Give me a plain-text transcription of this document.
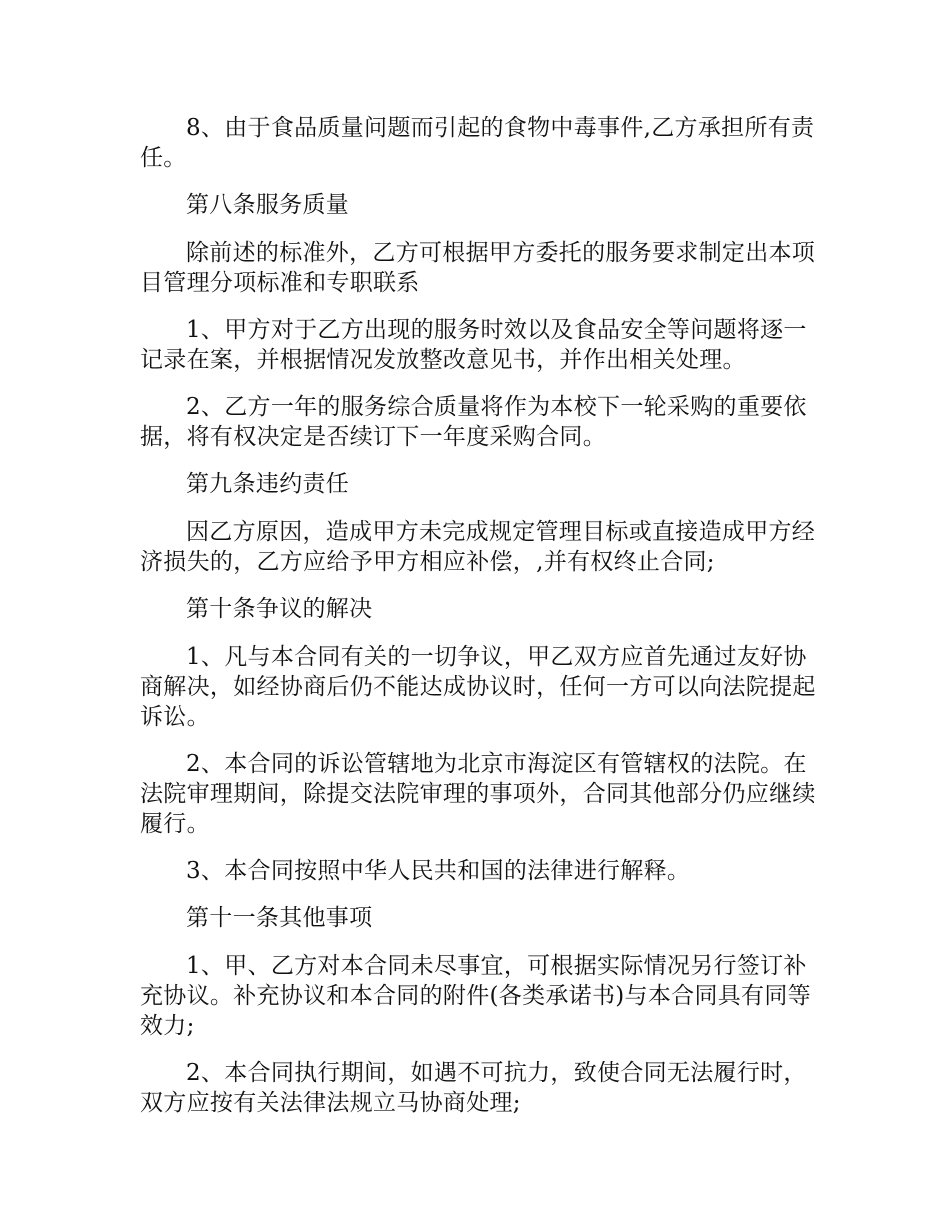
8、由于食品质量问题而引起的食物中毒事件,乙方承担所有责任。

第八条服务质量

除前述的标准外，乙方可根据甲方委托的服务要求制定出本项目管理分项标准和专职联系

1、甲方对于乙方出现的服务时效以及食品安全等问题将逐一记录在案，并根据情况发放整改意见书，并作出相关处理。

2、乙方一年的服务综合质量将作为本校下一轮采购的重要依据，将有权决定是否续订下一年度采购合同。

第九条违约责任

因乙方原因，造成甲方未完成规定管理目标或直接造成甲方经济损失的，乙方应给予甲方相应补偿，,并有权终止合同;

第十条争议的解决

1、凡与本合同有关的一切争议，甲乙双方应首先通过友好协商解决，如经协商后仍不能达成协议时，任何一方可以向法院提起诉讼。

2、本合同的诉讼管辖地为北京市海淀区有管辖权的法院。在法院审理期间，除提交法院审理的事项外，合同其他部分仍应继续履行。

3、本合同按照中华人民共和国的法律进行解释。

第十一条其他事项

1、甲、乙方对本合同未尽事宜，可根据实际情况另行签订补充协议。补充协议和本合同的附件(各类承诺书)与本合同具有同等效力;

2、本合同执行期间，如遇不可抗力，致使合同无法履行时，双方应按有关法律法规立马协商处理;
